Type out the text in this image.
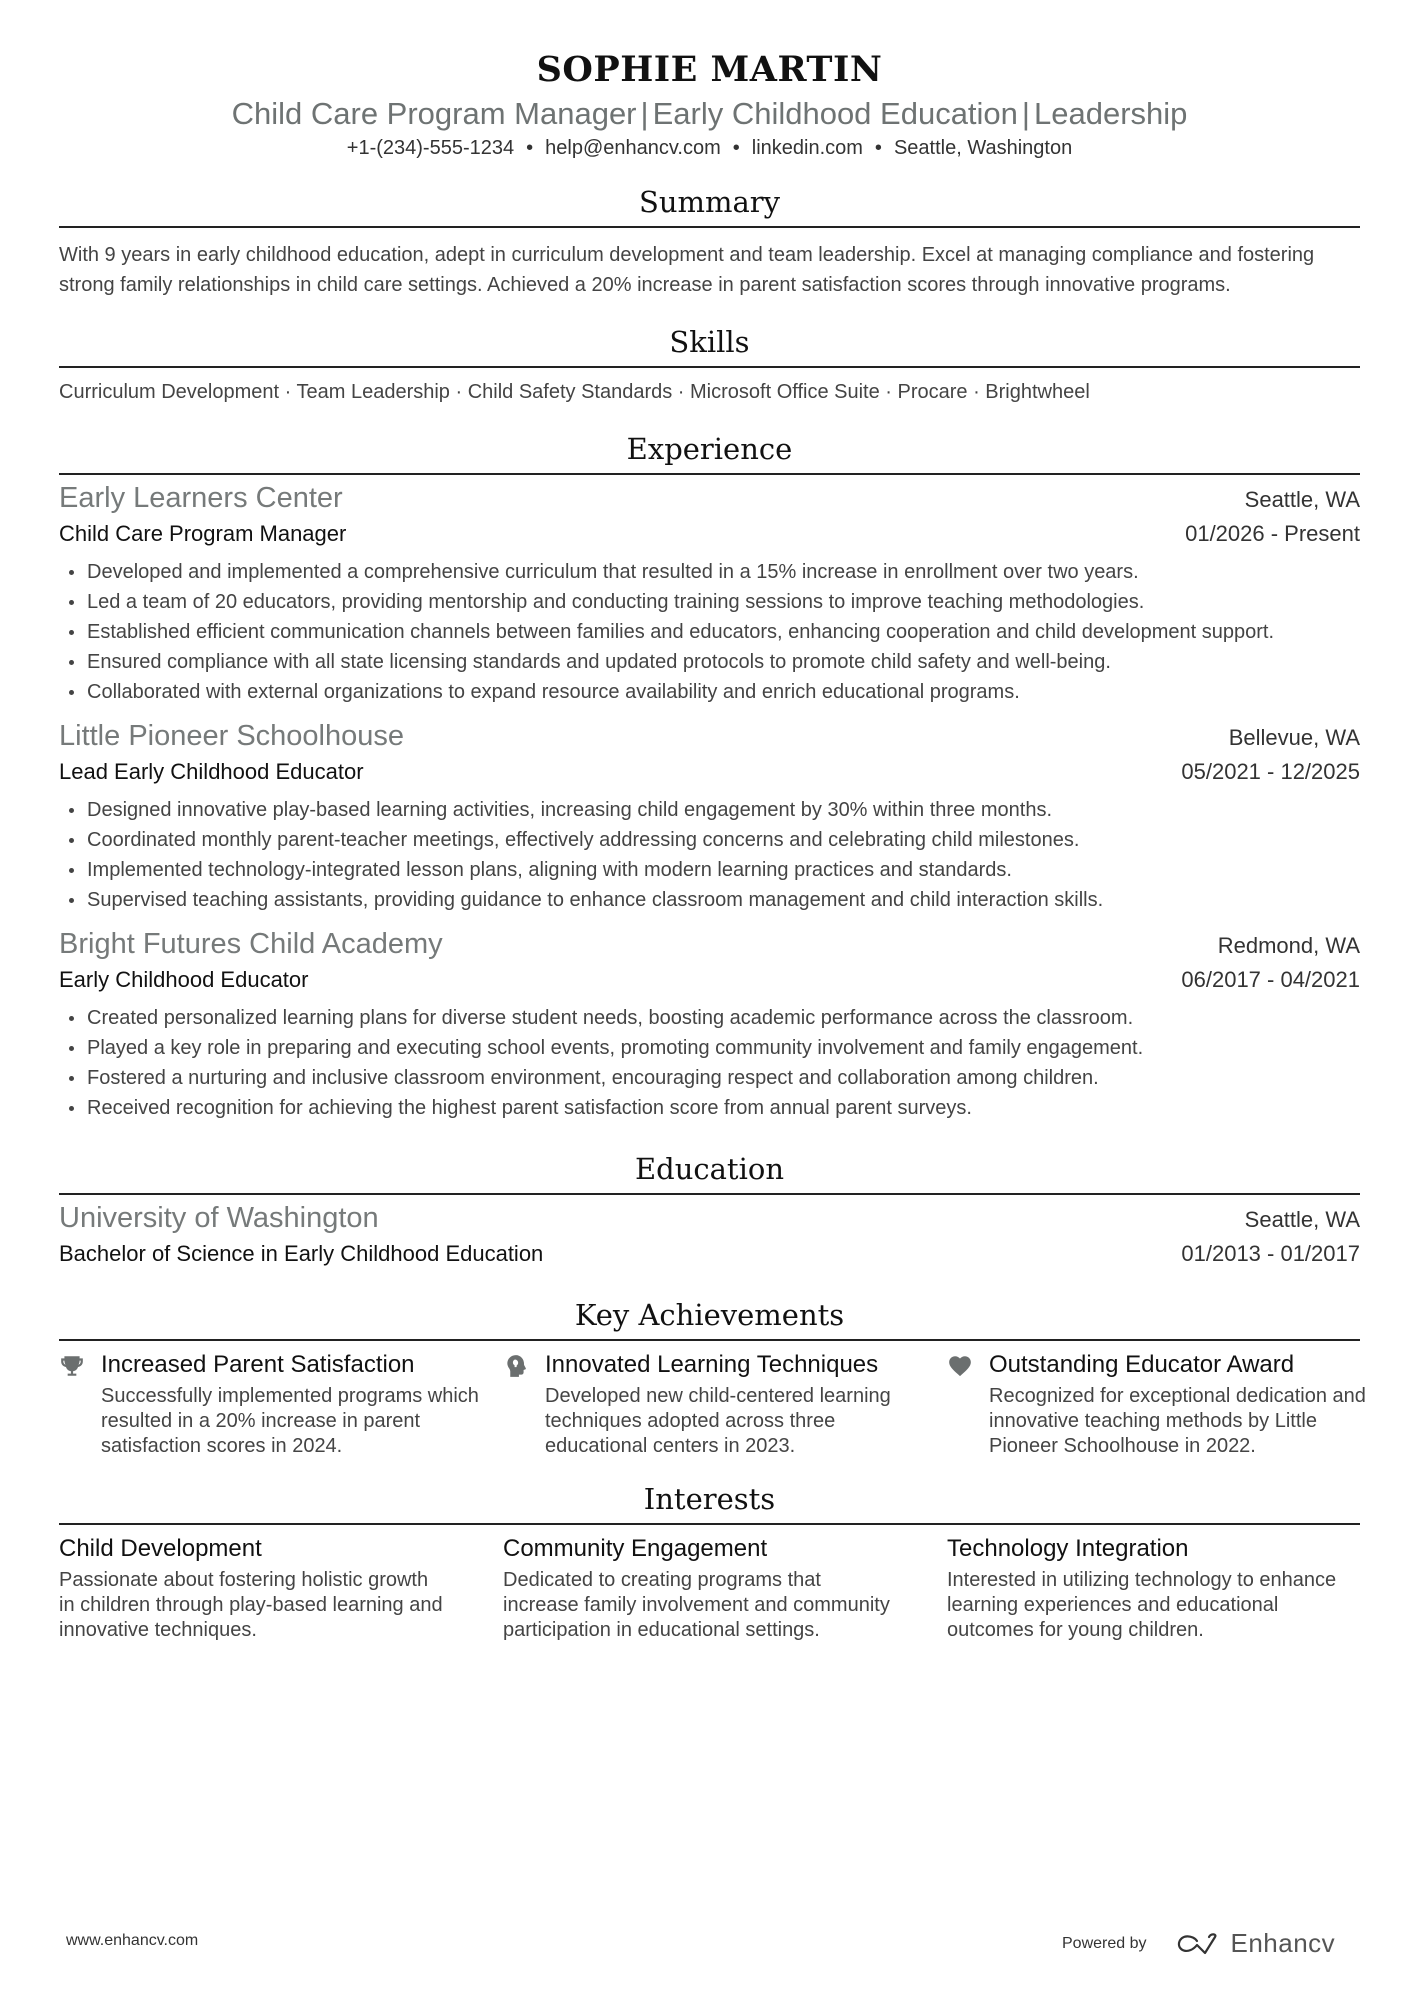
SOPHIE MARTIN
Child Care Program Manager | Early Childhood Education | Leadership
+1-(234)-555-1234 • help@enhancv.com • linkedin.com • Seattle, Washington
Summary
With 9 years in early childhood education, adept in curriculum development and team leadership. Excel at managing compliance and fostering strong family relationships in child care settings. Achieved a 20% increase in parent satisfaction scores through innovative programs.
Skills
Curriculum Development · Team Leadership · Child Safety Standards · Microsoft Office Suite · Procare · Brightwheel
Experience
Early Learners Center	Seattle, WA
Child Care Program Manager	01/2026 - Present
Developed and implemented a comprehensive curriculum that resulted in a 15% increase in enrollment over two years.
Led a team of 20 educators, providing mentorship and conducting training sessions to improve teaching methodologies.
Established efficient communication channels between families and educators, enhancing cooperation and child development support.
Ensured compliance with all state licensing standards and updated protocols to promote child safety and well-being.
Collaborated with external organizations to expand resource availability and enrich educational programs.
Little Pioneer Schoolhouse	Bellevue, WA
Lead Early Childhood Educator	05/2021 - 12/2025
Designed innovative play-based learning activities, increasing child engagement by 30% within three months.
Coordinated monthly parent-teacher meetings, effectively addressing concerns and celebrating child milestones.
Implemented technology-integrated lesson plans, aligning with modern learning practices and standards.
Supervised teaching assistants, providing guidance to enhance classroom management and child interaction skills.
Bright Futures Child Academy	Redmond, WA
Early Childhood Educator	06/2017 - 04/2021
Created personalized learning plans for diverse student needs, boosting academic performance across the classroom.
Played a key role in preparing and executing school events, promoting community involvement and family engagement.
Fostered a nurturing and inclusive classroom environment, encouraging respect and collaboration among children.
Received recognition for achieving the highest parent satisfaction score from annual parent surveys.
Education
University of Washington	Seattle, WA
Bachelor of Science in Early Childhood Education	01/2013 - 01/2017
Key Achievements
Increased Parent Satisfaction
Successfully implemented programs which resulted in a 20% increase in parent satisfaction scores in 2024.
Innovated Learning Techniques
Developed new child-centered learning techniques adopted across three educational centers in 2023.
Outstanding Educator Award
Recognized for exceptional dedication and innovative teaching methods by Little Pioneer Schoolhouse in 2022.
Interests
Child Development
Passionate about fostering holistic growth in children through play-based learning and innovative techniques.
Community Engagement
Dedicated to creating programs that increase family involvement and community participation in educational settings.
Technology Integration
Interested in utilizing technology to enhance learning experiences and educational outcomes for young children.
www.enhancv.com	Powered by	Enhancv
